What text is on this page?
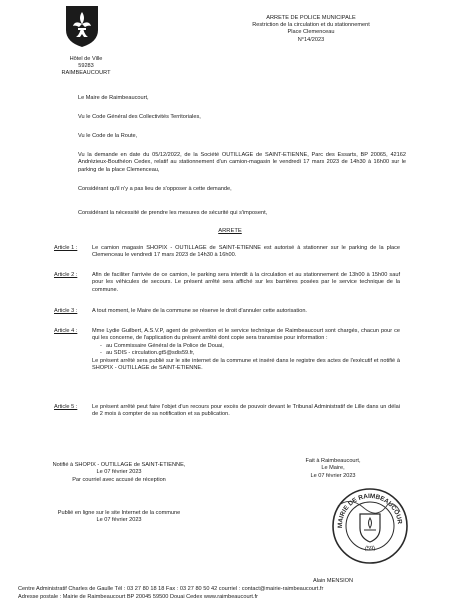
Hôtel de Ville
59283 RAIMBEAUCOURT
ARRETE DE POLICE MUNICIPALE
Restriction de la circulation et du stationnement
Place Clemenceau
N°14/2023
Le Maire de Raimbeaucourt,
Vu le Code Général des Collectivités Territoriales,
Vu le Code de la Route,
Vu la demande en date du 05/12/2022, de la Société OUTILLAGE de SAINT-ETIENNE, Parc des Essarts, BP 20065, 42162 Andrézieux-Bouthéon Cedex, relatif au stationnement d'un camion-magasin le vendredi 17 mars 2023 de 14h30 à 16h00 sur le parking de la place Clemenceau,
Considérant qu'il n'y a pas lieu de s'opposer à cette demande,
Considérant la nécessité de prendre les mesures de sécurité qui s'imposent,
ARRETE
Article 1 :	Le camion magasin SHOPIX - OUTILLAGE de SAINT-ETIENNE est autorisé à stationner sur le parking de la place Clemenceau le vendredi 17 mars 2023 de 14h30 à 16h00.
Article 2 :	Afin de faciliter l'arrivée de ce camion, le parking sera interdit à la circulation et au stationnement de 13h00 à 15h00 sauf pour les véhicules de secours. Le présent arrêté sera affiché sur les barrières posées par le service technique de la commune.
Article 3 :	A tout moment, le Maire de la commune se réserve le droit d'annuler cette autorisation.
Article 4 :	Mme Lydie Guilbert, A.S.V.P, agent de prévention et le service technique de Raimbeaucourt sont chargés, chacun pour ce qui les concerne, de l'application du présent arrêté dont copie sera transmise pour information :
- au Commissaire Général de la Police de Douai,
- au SDIS - circulation.gt5@sdis59.fr,
Le présent arrêté sera publié sur le site internet de la commune et inséré dans le registre des actes de l'exécutif et notifié à SHOPIX - OUTILLAGE de SAINT-ETIENNE.
Article 5 :	Le présent arrêté peut faire l'objet d'un recours pour excès de pouvoir devant le Tribunal Administratif de Lille dans un délai de 2 mois à compter de sa notification et sa publication.
Notifié à SHOPIX - OUTILLAGE de SAINT-ETIENNE,
Le 07 février 2023
Par courriel avec accusé de réception
Publié en ligne sur le site Internet de la commune
Le 07 février 2023
Fait à Raimbeaucourt,
Le Maire,
Le 07 février 2023
MAIRIE DE RAIMBEAUCOUR
(59)
Alain MENSION
Centre Administratif Charles de Gaulle Tél : 03 27 80 18 18 Fax : 03 27 80 50 42 courriel : contact@mairie-raimbeaucourt.fr
Adresse postale : Mairie de Raimbeaucourt BP 20045 59500 Douai Cedex www.raimbeaucourt.fr
